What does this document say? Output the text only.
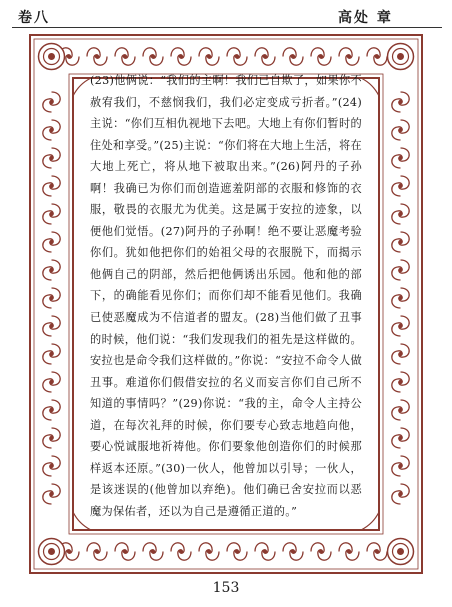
卷八	高处 章
(23)他俩说：“我们的主啊！我们已自欺了，如果你不赦宥我们，不慈悯我们，我们必定变成亏折者。”(24)主说：“你们互相仇视地下去吧。大地上有你们暂时的住处和享受。”(25)主说：“你们将在大地上生活，将在大地上死亡，将从地下被取出来。”(26)阿丹的子孙啊！我确已为你们而创造遮羞阴部的衣服和修饰的衣服，敬畏的衣服尤为优美。这是属于安拉的迹象，以便他们觉悟。(27)阿丹的子孙啊！绝不要让恶魔考验你们。犹如他把你们的始祖父母的衣服脱下，而揭示他俩自己的阴部，然后把他俩诱出乐园。他和他的部下，的确能看见你们；而你们却不能看见他们。我确已使恶魔成为不信道者的盟友。(28)当他们做了丑事的时候，他们说：“我们发现我们的祖先是这样做的。安拉也是命令我们这样做的。”你说：“安拉不命令人做丑事。难道你们假借安拉的名义而妄言你们自己所不知道的事情吗？”(29)你说：“我的主，命令人主持公道，在每次礼拜的时候，你们要专心致志地趋向他，要心悦诚服地祈祷他。你们要象他创造你们的时候那样返本还原。”(30)一伙人，他曾加以引导；一伙人，是该迷误的(他曾加以弃绝)。他们确已舍安拉而以恶魔为保佑者，还以为自己是遵循正道的。”
153
